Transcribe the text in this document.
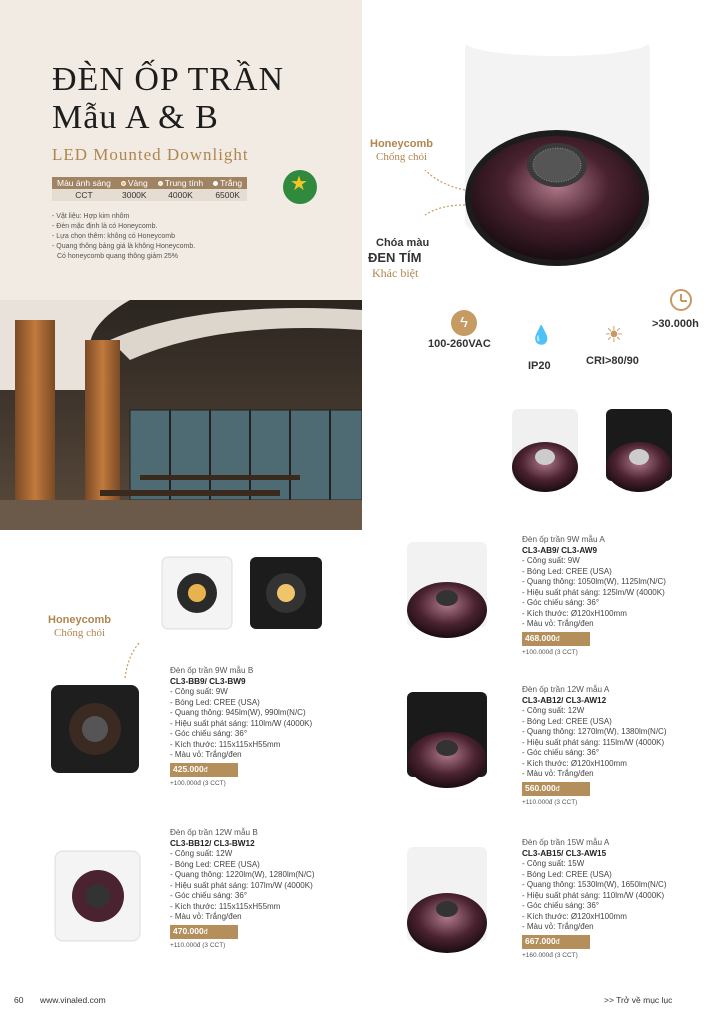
ĐÈN ỐP TRẦN
Mẫu A & B
LED Mounted Downlight
Màu ánh sáng	Vàng	Trung tính	Trắng
CCT	3000K	4000K	6500K	★
- Vật liệu: Hợp kim nhôm
- Đèn mặc định là có Honeycomb.
- Lựa chọn thêm: không có Honeycomb
- Quang thông bảng giá là không Honeycomb.
Có honeycomb quang thông giảm 25%
Honeycomb
Chống chói
Chóa màu
ĐEN TÍM
Khác biệt
ϟ
100-260VAC 💧
IP20
☀
CRI>80/90
>30.000h
Đèn ốp trần 9W mẫu A
CL3-AB9/ CL3-AW9
- Công suất: 9W
- Bóng Led: CREE (USA)
- Quang thông: 1050lm(W), 1125lm(N/C)
- Hiệu suất phát sáng: 125lm/W (4000K)
- Góc chiếu sáng: 36°
- Kích thước: Ø120xH100mm
- Màu vỏ: Trắng/đen
468.000đ
+100.000đ (3 CCT)
Đèn ốp trần 12W mẫu A
CL3-AB12/ CL3-AW12
- Công suất: 12W
- Bóng Led: CREE (USA)
- Quang thông: 1270lm(W), 1380lm(N/C)
- Hiệu suất phát sáng: 115lm/W (4000K)
- Góc chiếu sáng: 36°
- Kích thước: Ø120xH100mm
- Màu vỏ: Trắng/đen
560.000đ
+110.000đ (3 CCT)
Đèn ốp trần 15W mẫu A
CL3-AB15/ CL3-AW15
- Công suất: 15W
- Bóng Led: CREE (USA)
- Quang thông: 1530lm(W), 1650lm(N/C)
- Hiệu suất phát sáng: 110lm/W (4000K)
- Góc chiếu sáng: 36°
- Kích thước: Ø120xH100mm
- Màu vỏ: Trắng/đen
667.000đ
+160.000đ (3 CCT)
Honeycomb
Chống chói
Đèn ốp trần 9W mẫu B
CL3-BB9/ CL3-BW9
- Công suất: 9W
- Bóng Led: CREE (USA)
- Quang thông: 945lm(W), 990lm(N/C)
- Hiệu suất phát sáng: 110lm/W (4000K)
- Góc chiếu sáng: 36°
- Kích thước: 115x115xH55mm
- Màu vỏ: Trắng/đen
425.000đ
+100.000đ (3 CCT)
Đèn ốp trần 12W mẫu B
CL3-BB12/ CL3-BW12
- Công suất: 12W
- Bóng Led: CREE (USA)
- Quang thông: 1220lm(W), 1280lm(N/C)
- Hiệu suất phát sáng: 107lm/W (4000K)
- Góc chiếu sáng: 36°
- Kích thước: 115x115xH55mm
- Màu vỏ: Trắng/đen
470.000đ
+110.000đ (3 CCT)
60 www.vinaled.com	>> Trở về mục lục
